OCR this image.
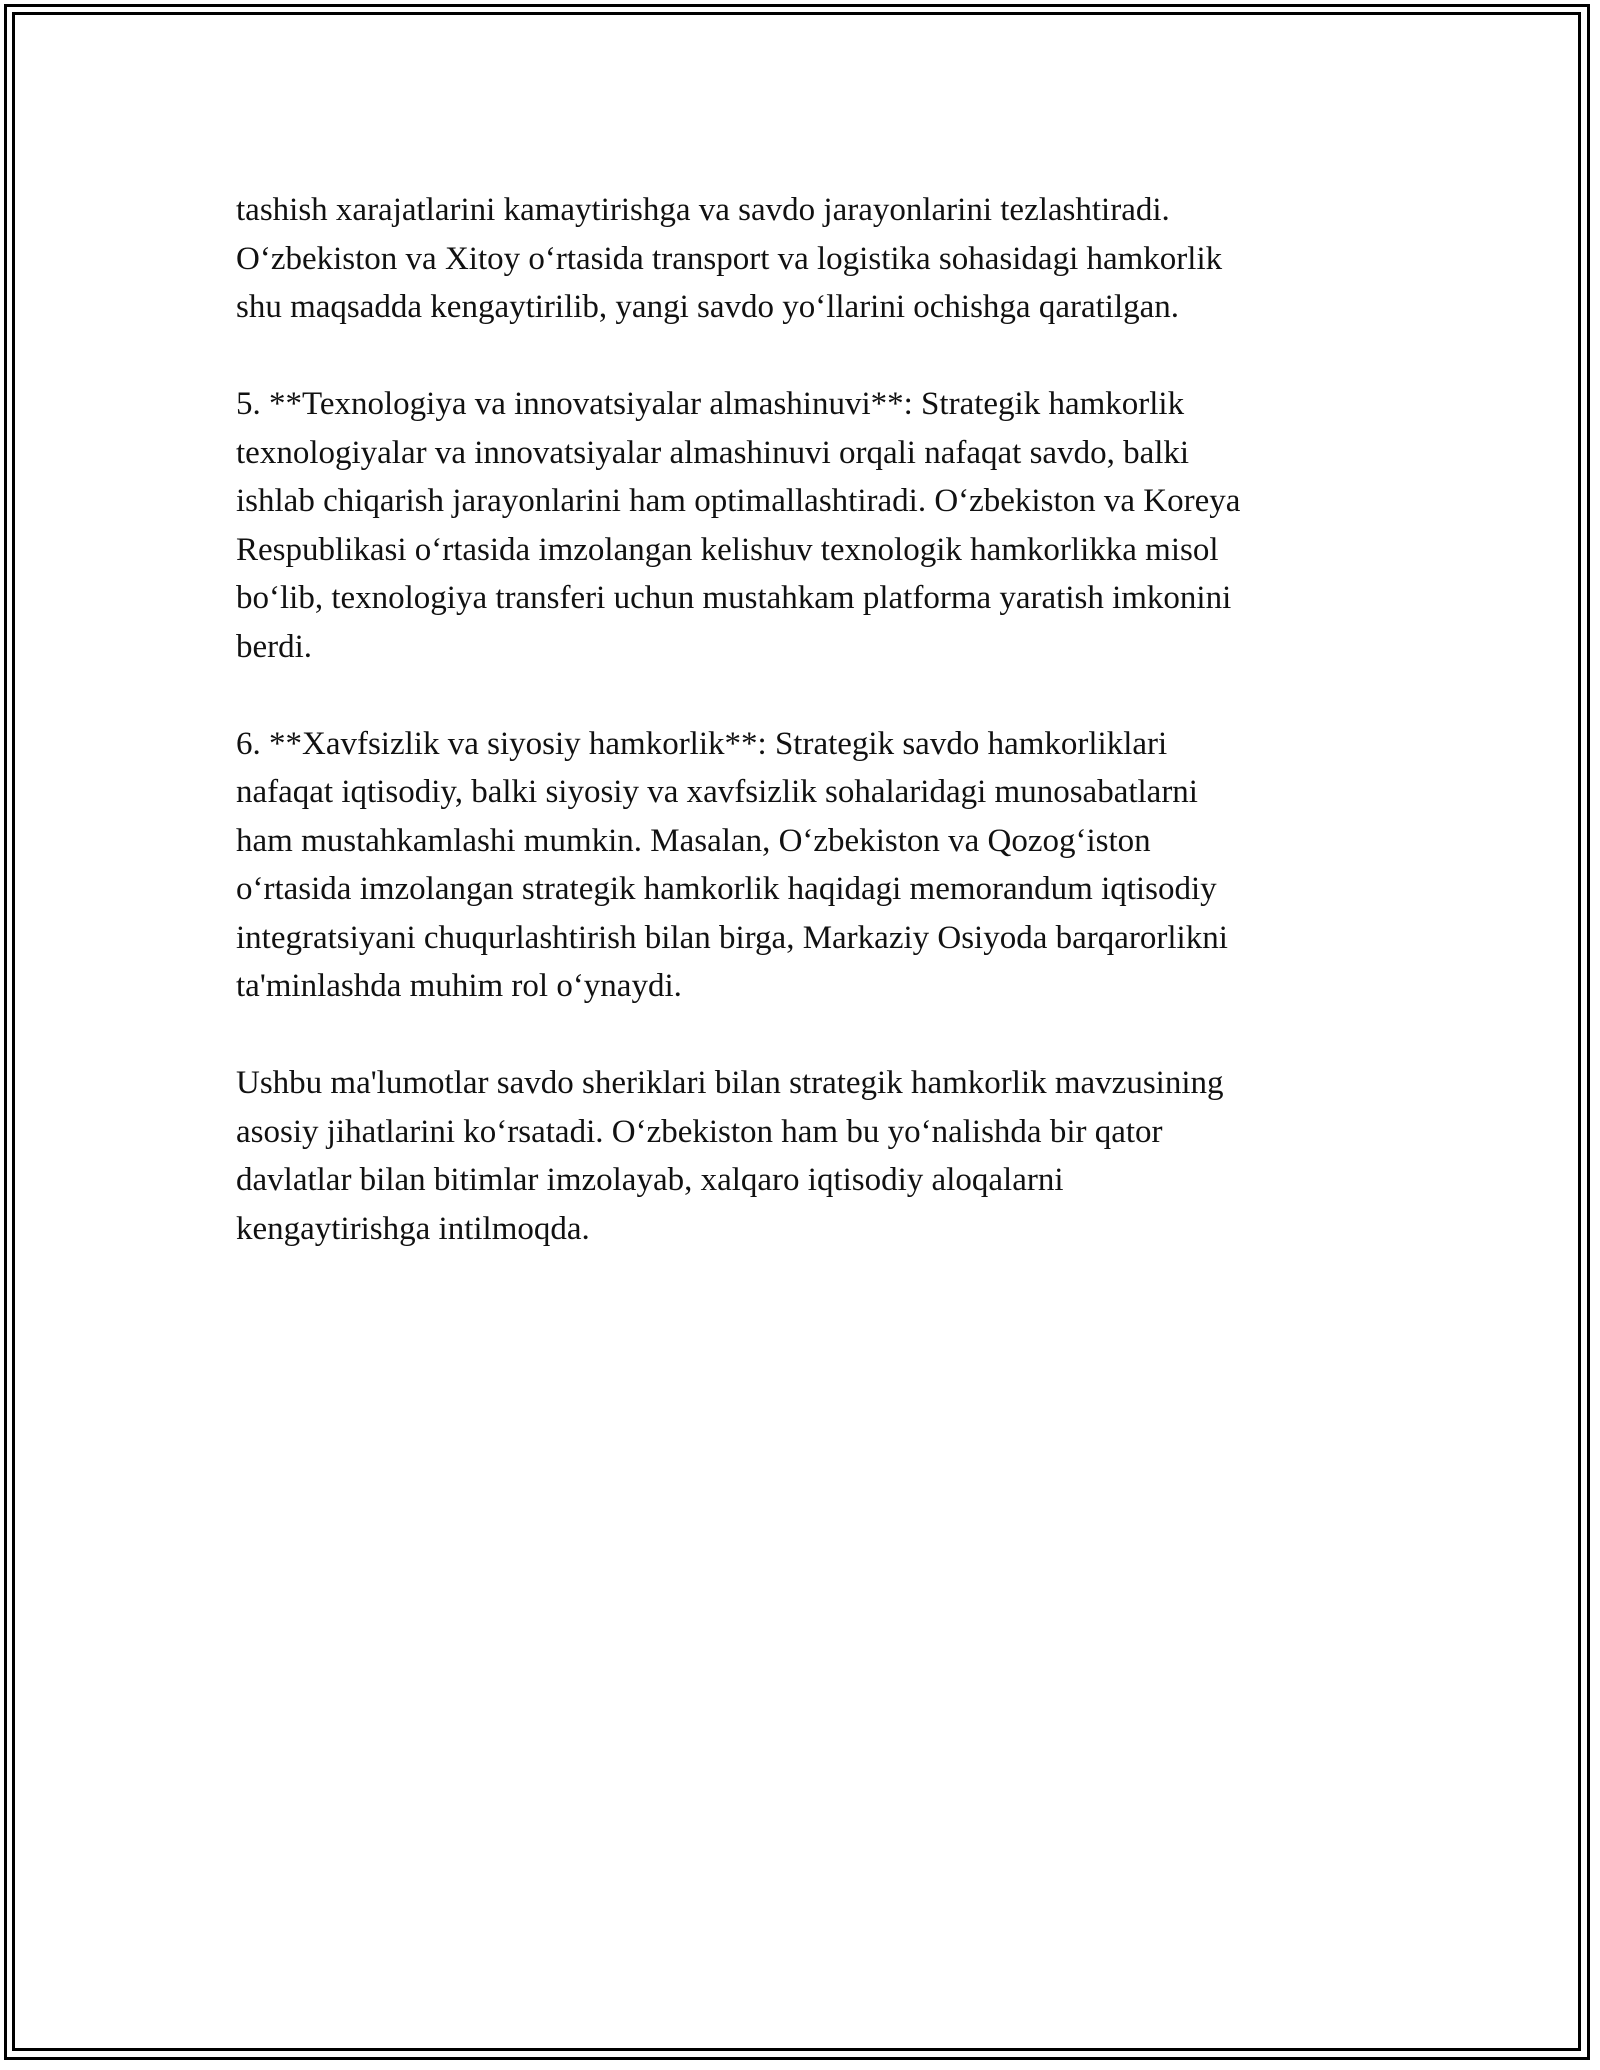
tashish xarajatlarini kamaytirishga va savdo jarayonlarini tezlashtiradi.
O‘zbekiston va Xitoy o‘rtasida transport va logistika sohasidagi hamkorlik
shu maqsadda kengaytirilib, yangi savdo yo‘llarini ochishga qaratilgan.

5. **Texnologiya va innovatsiyalar almashinuvi**: Strategik hamkorlik
texnologiyalar va innovatsiyalar almashinuvi orqali nafaqat savdo, balki
ishlab chiqarish jarayonlarini ham optimallashtiradi. O‘zbekiston va Koreya
Respublikasi o‘rtasida imzolangan kelishuv texnologik hamkorlikka misol
bo‘lib, texnologiya transferi uchun mustahkam platforma yaratish imkonini
berdi.

6. **Xavfsizlik va siyosiy hamkorlik**: Strategik savdo hamkorliklari
nafaqat iqtisodiy, balki siyosiy va xavfsizlik sohalaridagi munosabatlarni
ham mustahkamlashi mumkin. Masalan, O‘zbekiston va Qozog‘iston
o‘rtasida imzolangan strategik hamkorlik haqidagi memorandum iqtisodiy
integratsiyani chuqurlashtirish bilan birga, Markaziy Osiyoda barqarorlikni
ta'minlashda muhim rol o‘ynaydi.

Ushbu ma'lumotlar savdo sheriklari bilan strategik hamkorlik mavzusining
asosiy jihatlarini ko‘rsatadi. O‘zbekiston ham bu yo‘nalishda bir qator
davlatlar bilan bitimlar imzolayab, xalqaro iqtisodiy aloqalarni
kengaytirishga intilmoqda.
